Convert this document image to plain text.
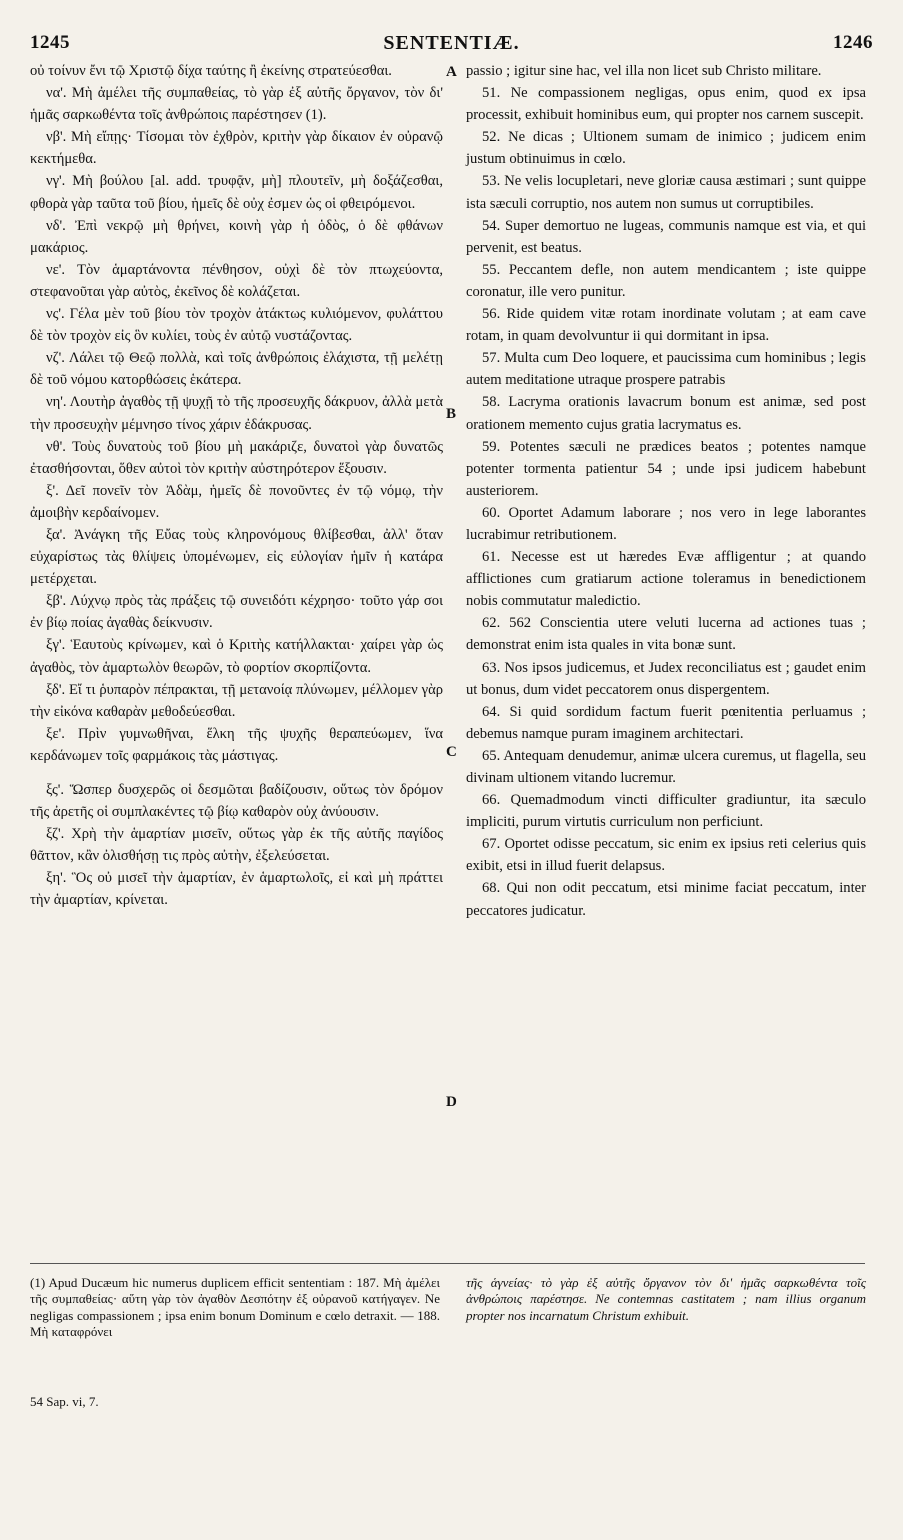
1245	SENTENTIÆ.	1246
A
B
C
D

οὐ τοίνυν ἔνι τῷ Χριστῷ δίχα ταύτης ἢ ἐκείνης στρατεύεσθαι.

να'. Μὴ ἀμέλει τῆς συμπαθείας, τὸ γὰρ ἐξ αὐτῆς ὄργανον, τὸν δι' ἡμᾶς σαρκωθέντα τοῖς ἀνθρώποις παρέστησεν (1).

νβ'. Μὴ εἴπῃς· Τίσομαι τὸν ἐχθρὸν, κριτὴν γὰρ δίκαιον ἐν οὐρανῷ κεκτήμεθα.

νγ'. Μὴ βούλου [al. add. τρυφᾷν, μὴ] πλουτεῖν, μὴ δοξάζεσθαι, φθορὰ γὰρ ταῦτα τοῦ βίου, ἡμεῖς δὲ οὐχ ἐσμεν ὡς οἱ φθειρόμενοι.

νδ'. Ἐπὶ νεκρῷ μὴ θρήνει, κοινὴ γὰρ ἡ ὁδὸς, ὁ δὲ φθάνων μακάριος.

νε'. Τὸν ἁμαρτάνοντα πένθησον, οὐχὶ δὲ τὸν πτωχεύοντα, στεφανοῦται γὰρ αὐτὸς, ἐκεῖνος δὲ κολάζεται.

νς'. Γέλα μὲν τοῦ βίου τὸν τροχὸν ἀτάκτως κυλιόμενον, φυλάττου δὲ τὸν τροχὸν εἰς ὃν κυλίει, τοὺς ἐν αὐτῷ νυστάζοντας.

νζ'. Λάλει τῷ Θεῷ πολλὰ, καὶ τοῖς ἀνθρώποις ἐλάχιστα, τῇ μελέτῃ δὲ τοῦ νόμου κατορθώσεις ἑκάτερα.

νη'. Λουτὴρ ἀγαθὸς τῇ ψυχῇ τὸ τῆς προσευχῆς δάκρυον, ἀλλὰ μετὰ τὴν προσευχὴν μέμνησο τίνος χάριν ἐδάκρυσας.

νθ'. Τοὺς δυνατοὺς τοῦ βίου μὴ μακάριζε, δυνατοὶ γὰρ δυνατῶς ἐτασθήσονται, ὅθεν αὐτοὶ τὸν κριτὴν αὐστηρότερον ἕξουσιν.

ξ'. Δεῖ πονεῖν τὸν Ἀδὰμ, ἡμεῖς δὲ πονοῦντες ἐν τῷ νόμῳ, τὴν ἀμοιβὴν κερδαίνομεν.

ξα'. Ἀνάγκη τῆς Εὔας τοὺς κληρονόμους θλίβεσθαι, ἀλλ' ὅταν εὐχαρίστως τὰς θλίψεις ὑπομένωμεν, εἰς εὐλογίαν ἡμῖν ἡ κατάρα μετέρχεται.

ξβ'. Λύχνῳ πρὸς τὰς πράξεις τῷ συνειδότι κέχρησο· τοῦτο γάρ σοι ἐν βίῳ ποίας ἀγαθὰς δείκνυσιν.

ξγ'. Ἑαυτοὺς κρίνωμεν, καὶ ὁ Κριτὴς κατήλλακται· χαίρει γὰρ ὡς ἀγαθὸς, τὸν ἁμαρτωλὸν θεωρῶν, τὸ φορτίον σκορπίζοντα.

ξδ'. Εἴ τι ῥυπαρὸν πέπρακται, τῇ μετανοίᾳ πλύνωμεν, μέλλομεν γὰρ τὴν εἰκόνα καθαρὰν μεθοδεύεσθαι.

ξε'. Πρὶν γυμνωθῆναι, ἕλκη τῆς ψυχῆς θεραπεύωμεν, ἵνα κερδάνωμεν τοῖς φαρμάκοις τὰς μάστιγας.

ξς'. Ὥσπερ δυσχερῶς οἱ δεσμῶται βαδίζουσιν, οὕτως τὸν δρόμον τῆς ἀρετῆς οἱ συμπλακέντες τῷ βίῳ καθαρὸν οὐχ ἀνύουσιν.

ξζ'. Χρὴ τὴν ἁμαρτίαν μισεῖν, οὕτως γὰρ ἐκ τῆς αὐτῆς παγίδος θᾶττον, κἂν ὀλισθήσῃ τις πρὸς αὐτὴν, ἐξελεύσεται.

ξη'. Ὃς οὐ μισεῖ τὴν ἁμαρτίαν, ἐν ἁμαρτωλοῖς, εἰ καὶ μὴ πράττει τὴν ἁμαρτίαν, κρίνεται.

passio ; igitur sine hac, vel illa non licet sub Christo militare.

51. Ne compassionem negligas, opus enim, quod ex ipsa processit, exhibuit hominibus eum, qui propter nos carnem suscepit.

52. Ne dicas ; Ultionem sumam de inimico ; judicem enim justum obtinuimus in cœlo.

53. Ne velis locupletari, neve gloriæ causa æstimari ; sunt quippe ista sæculi corruptio, nos autem non sumus ut corruptibiles.

54. Super demortuo ne lugeas, communis namque est via, et qui pervenit, est beatus.

55. Peccantem defle, non autem mendicantem ; iste quippe coronatur, ille vero punitur.

56. Ride quidem vitæ rotam inordinate volutam ; at eam cave rotam, in quam devolvuntur ii qui dormitant in ipsa.

57. Multa cum Deo loquere, et paucissima cum hominibus ; legis autem meditatione utraque prospere patrabis

58. Lacryma orationis lavacrum bonum est animæ, sed post orationem memento cujus gratia lacrymatus es.

59. Potentes sæculi ne prædices beatos ; potentes namque potenter tormenta patientur 54 ; unde ipsi judicem habebunt austeriorem.

60. Oportet Adamum laborare ; nos vero in lege laborantes lucrabimur retributionem.

61. Necesse est ut hæredes Evæ affligentur ; at quando afflictiones cum gratiarum actione toleramus in benedictionem nobis commutatur maledictio.

62. 562 Conscientia utere veluti lucerna ad actiones tuas ; demonstrat enim ista quales in vita bonæ sunt.

63. Nos ipsos judicemus, et Judex reconciliatus est ; gaudet enim ut bonus, dum videt peccatorem onus dispergentem.

64. Si quid sordidum factum fuerit pœnitentia perluamus ; debemus namque puram imaginem architectari.

65. Antequam denudemur, animæ ulcera curemus, ut flagella, seu divinam ultionem vitando lucremur.

66. Quemadmodum vincti difficulter gradiuntur, ita sæculo impliciti, purum virtutis curriculum non perficiunt.

67. Oportet odisse peccatum, sic enim ex ipsius reti celerius quis exibit, etsi in illud fuerit delapsus.

68. Qui non odit peccatum, etsi minime faciat peccatum, inter peccatores judicatur.

(1) Apud Ducæum hic numerus duplicem efficit sententiam : 187. Μὴ ἀμέλει τῆς συμπαθείας· αὕτη γὰρ τὸν ἀγαθὸν Δεσπότην ἐξ οὐρανοῦ κατήγαγεν. Ne negligas compassionem ; ipsa enim bonum Dominum e cœlo detraxit. — 188. Μὴ καταφρόνει
τῆς ἁγνείας· τὸ γὰρ ἐξ αὐτῆς ὄργανον τὸν δι' ἡμᾶς σαρκωθέντα τοῖς ἀνθρώποις παρέστησε. Ne contemnas castitatem ; nam illius organum propter nos incarnatum Christum exhibuit.
54 Sap. vi, 7.
